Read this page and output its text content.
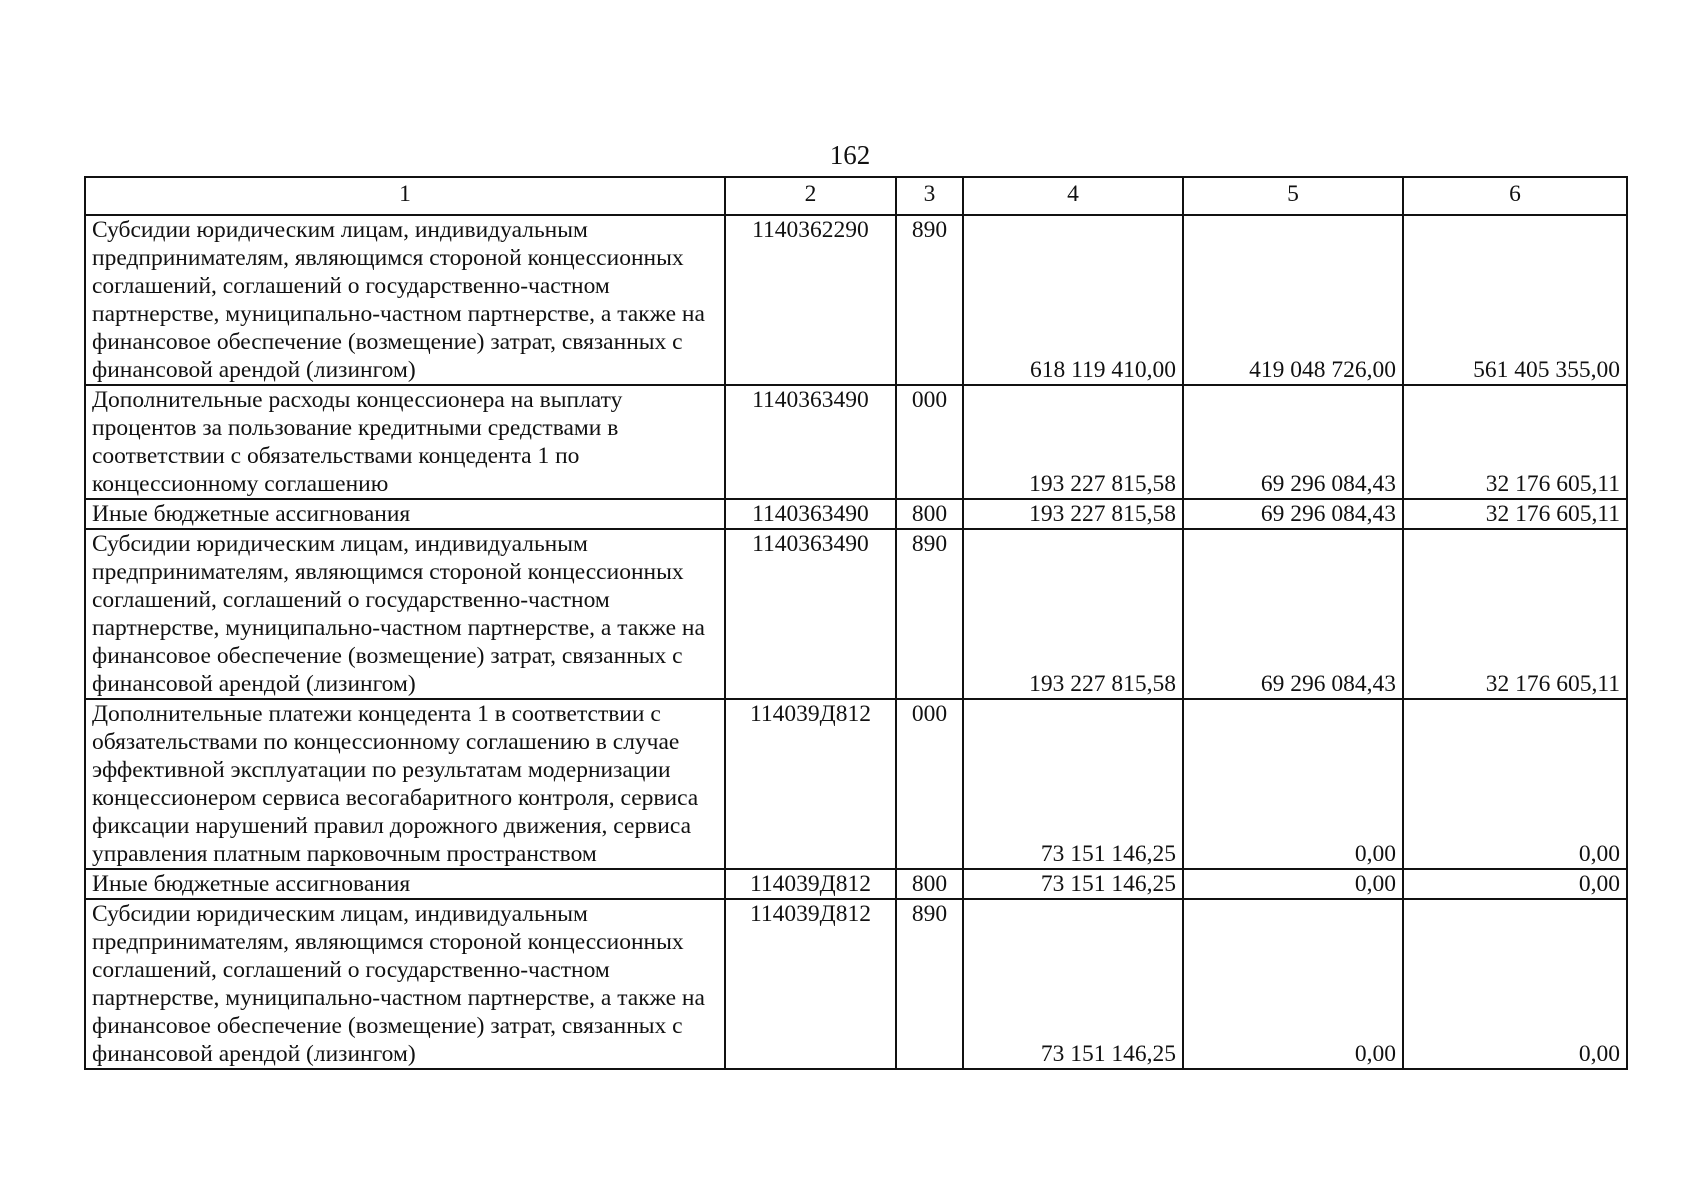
162
1	2	3	4	5	6
Субсидии юридическим лицам, индивидуальным предпринимателям, являющимся стороной концессионных соглашений, соглашений о государственно-частном партнерстве, муниципально-частном партнерстве, а также на финансовое обеспечение (возмещение) затрат, связанных с финансовой арендой (лизингом)	1140362290	890	618 119 410,00	419 048 726,00	561 405 355,00
Дополнительные расходы концессионера на выплату процентов за пользование кредитными средствами в соответствии с обязательствами концедента 1 по концессионному соглашению	1140363490	000	193 227 815,58	69 296 084,43	32 176 605,11
Иные бюджетные ассигнования	1140363490	800	193 227 815,58	69 296 084,43	32 176 605,11
Субсидии юридическим лицам, индивидуальным предпринимателям, являющимся стороной концессионных соглашений, соглашений о государственно-частном партнерстве, муниципально-частном партнерстве, а также на финансовое обеспечение (возмещение) затрат, связанных с финансовой арендой (лизингом)	1140363490	890	193 227 815,58	69 296 084,43	32 176 605,11
Дополнительные платежи концедента 1 в соответствии с обязательствами по концессионному соглашению в случае эффективной эксплуатации по результатам модернизации концессионером сервиса весогабаритного контроля, сервиса фиксации нарушений правил дорожного движения, сервиса управления платным парковочным пространством	114039Д812	000	73 151 146,25	0,00	0,00
Иные бюджетные ассигнования	114039Д812	800	73 151 146,25	0,00	0,00
Субсидии юридическим лицам, индивидуальным предпринимателям, являющимся стороной концессионных соглашений, соглашений о государственно-частном партнерстве, муниципально-частном партнерстве, а также на финансовое обеспечение (возмещение) затрат, связанных с финансовой арендой (лизингом)	114039Д812	890	73 151 146,25	0,00	0,00
